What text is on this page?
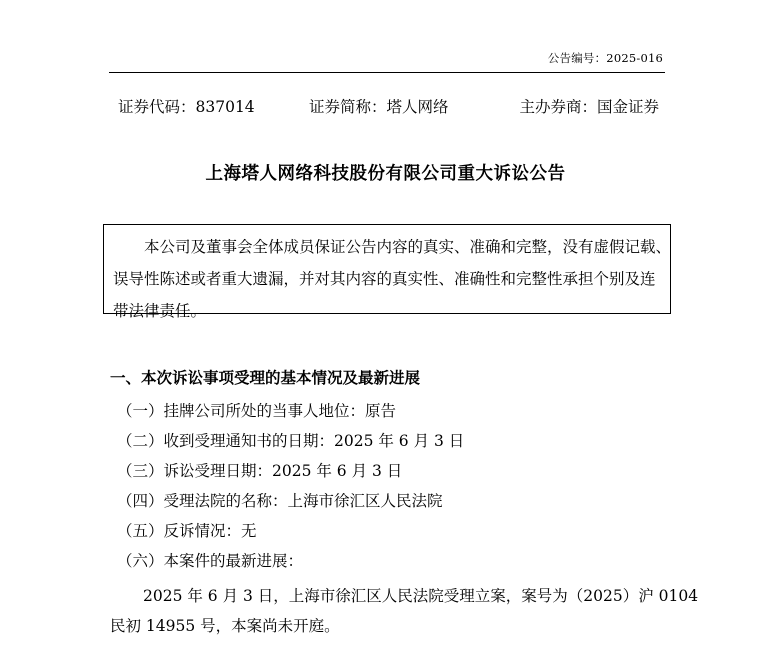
公告编号：2025-016
证券代码：837014	证券简称：塔人网络	主办券商：国金证券
上海塔人网络科技股份有限公司重大诉讼公告
本公司及董事会全体成员保证公告内容的真实、准确和完整，没有虚假记载、
误导性陈述或者重大遗漏，并对其内容的真实性、准确性和完整性承担个别及连
带法律责任。
一、本次诉讼事项受理的基本情况及最新进展
（一）挂牌公司所处的当事人地位：原告
（二）收到受理通知书的日期：2025 年 6 月 3 日
（三）诉讼受理日期：2025 年 6 月 3 日
（四）受理法院的名称：上海市徐汇区人民法院
（五）反诉情况：无
（六）本案件的最新进展：
2025 年 6 月 3 日，上海市徐汇区人民法院受理立案，案号为（2025）沪 0104
民初 14955 号，本案尚未开庭。
